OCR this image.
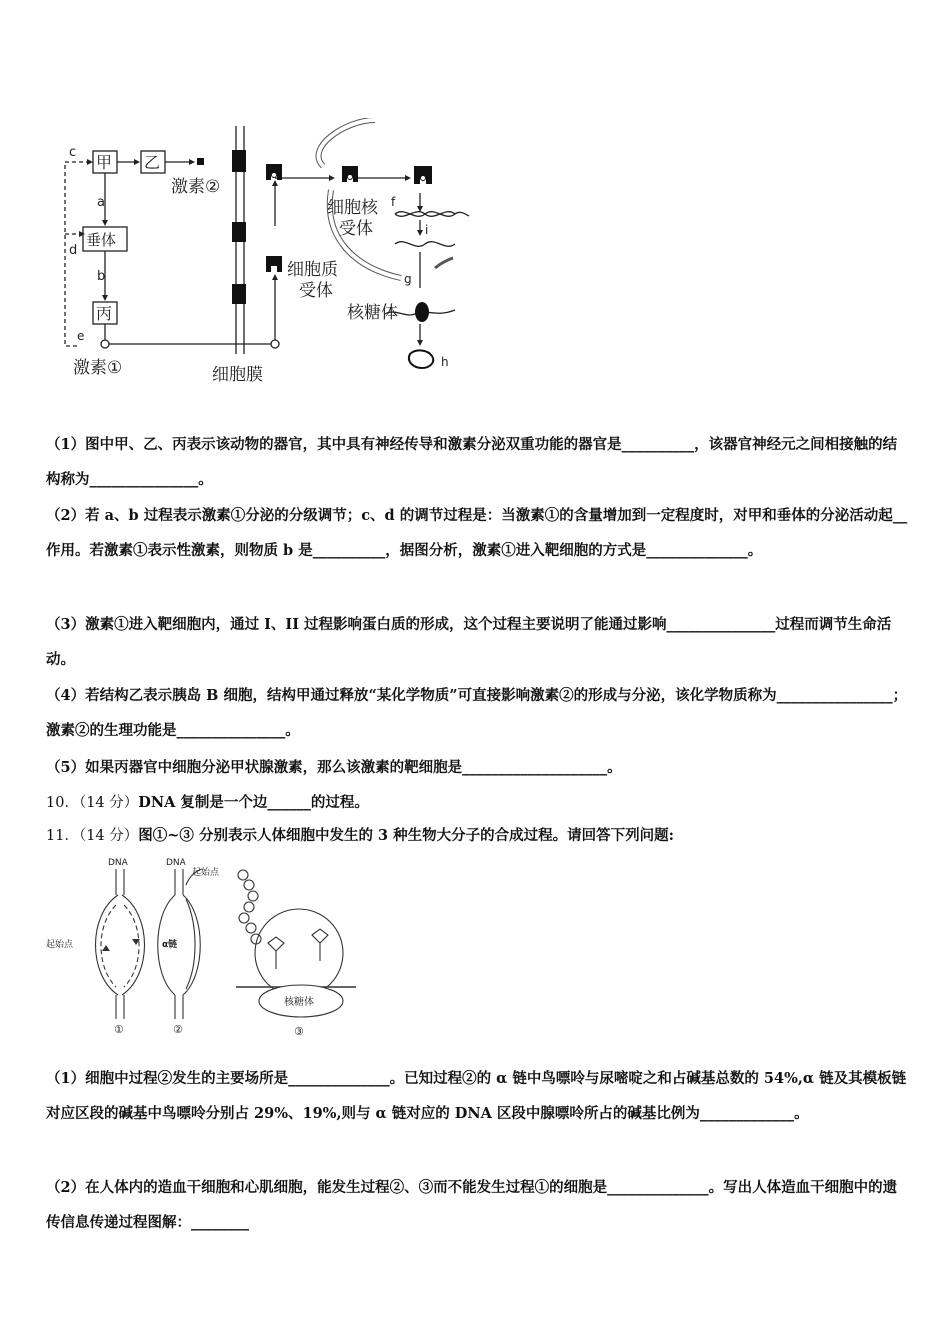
甲 乙
垂体
丙
激素①
激素②
细胞膜
细胞质
受体
细胞核
受体
核糖体
a
b
c
d
e
f
g
h
i
（1）图中甲、乙、丙表示该动物的器官，其中具有神经传导和激素分泌双重功能的器官是__________，该器官神经元之间相接触的结构称为_______________。
（2）若 a、b 过程表示激素①分泌的分级调节；c、d 的调节过程是：当激素①的含量增加到一定程度时，对甲和垂体的分泌活动起__作用。若激素①表示性激素，则物质 b 是__________，据图分析，激素①进入靶细胞的方式是______________。
（3）激素①进入靶细胞内，通过 I、II 过程影响蛋白质的形成，这个过程主要说明了能通过影响_______________过程而调节生命活动。
（4）若结构乙表示胰岛 B 细胞，结构甲通过释放“某化学物质”可直接影响激素②的形成与分泌，该化学物质称为________________；激素②的生理功能是_______________。
（5）如果丙器官中细胞分泌甲状腺激素，那么该激素的靶细胞是____________________。
10．（14 分）DNA 复制是一个边______的过程。
11．（14 分）图①~③ 分别表示人体细胞中发生的 3 种生物大分子的合成过程。请回答下列问题:
DNA	DNA
起始点
起始点
α链
核糖体
①	②	③
（1）细胞中过程②发生的主要场所是______________。已知过程②的 α 链中鸟嘌呤与尿嘧啶之和占碱基总数的 54%,α 链及其模板链对应区段的碱基中鸟嘌呤分别占 29%、19%,则与 α 链对应的 DNA 区段中腺嘌呤所占的碱基比例为_____________。
（2）在人体内的造血干细胞和心肌细胞，能发生过程②、③而不能发生过程①的细胞是______________。写出人体造血干细胞中的遗传信息传递过程图解：________
